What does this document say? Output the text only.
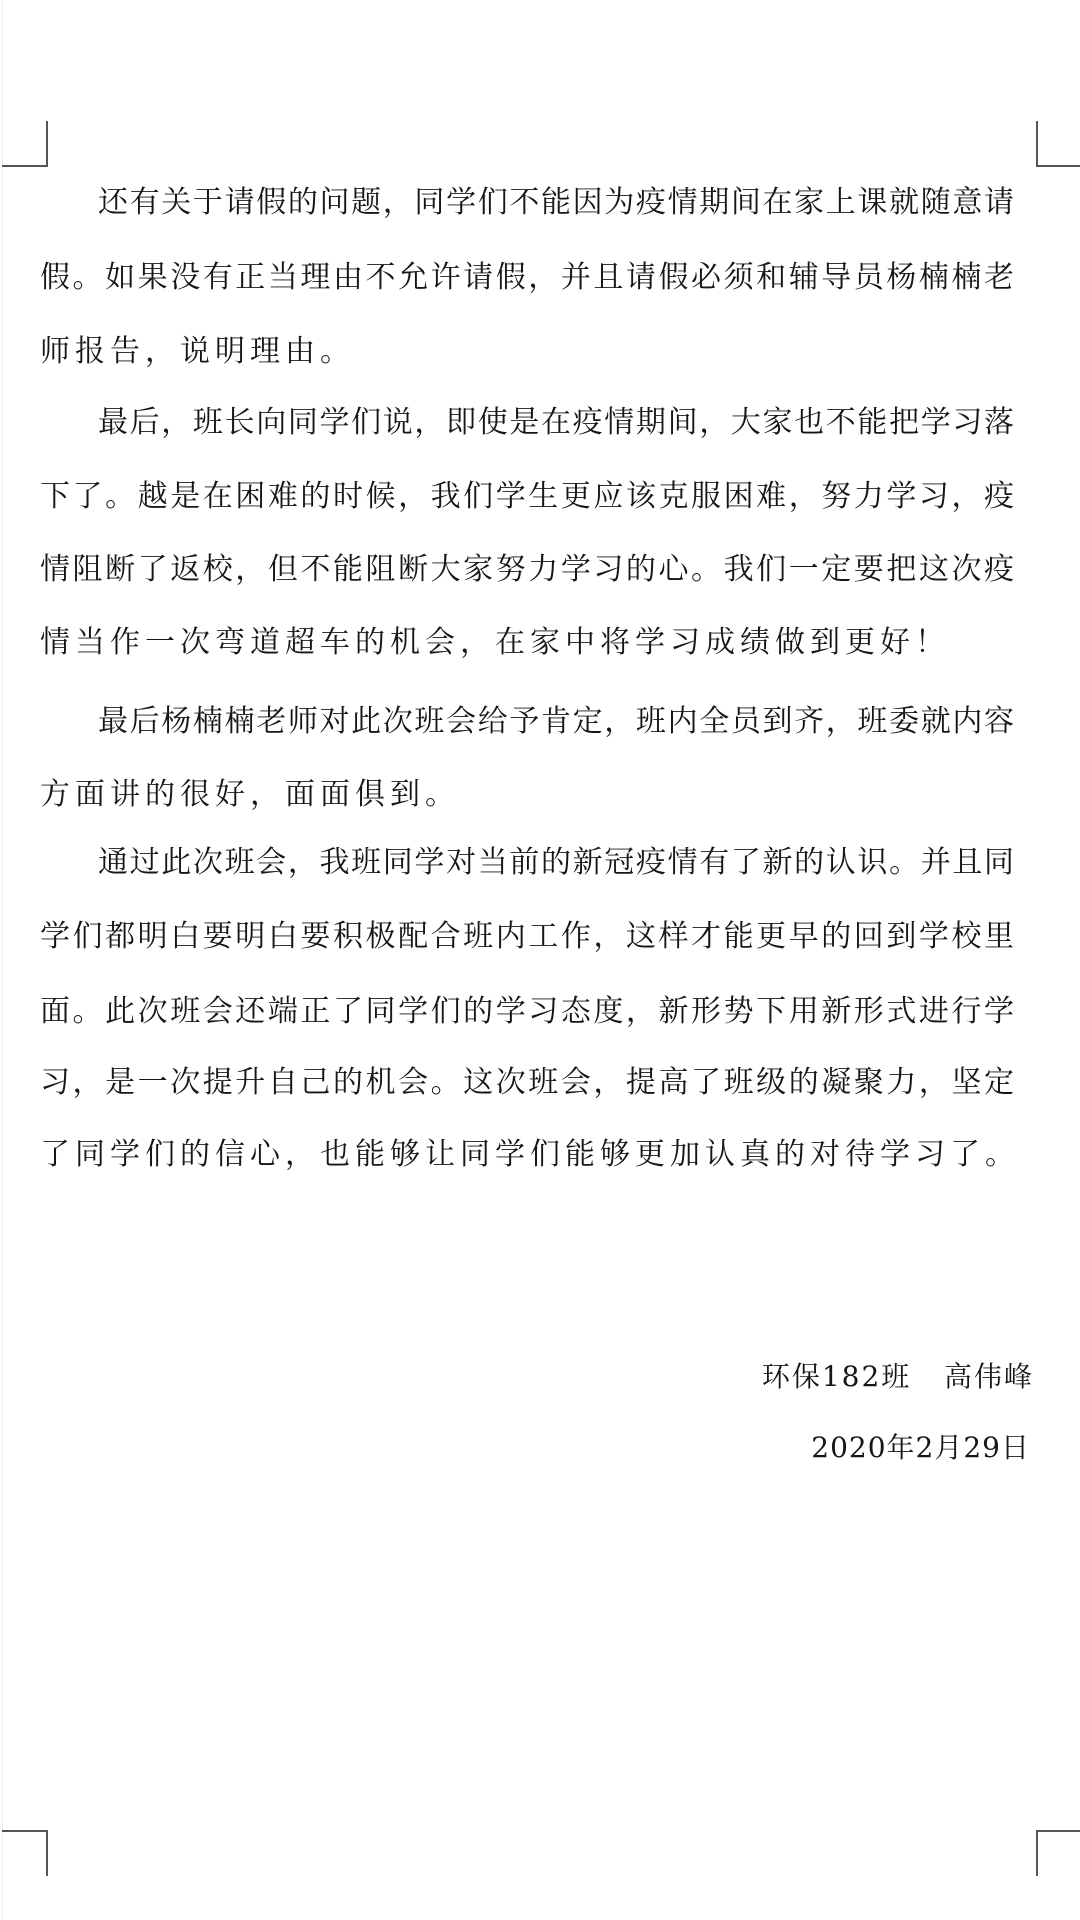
还有关于请假的问题，同学们不能因为疫情期间在家上课就随意请
假。如果没有正当理由不允许请假，并且请假必须和辅导员杨楠楠老
师报告，说明理由。
最后，班长向同学们说，即使是在疫情期间，大家也不能把学习落
下了。越是在困难的时候，我们学生更应该克服困难，努力学习，疫
情阻断了返校，但不能阻断大家努力学习的心。我们一定要把这次疫
情当作一次弯道超车的机会，在家中将学习成绩做到更好！
最后杨楠楠老师对此次班会给予肯定，班内全员到齐，班委就内容
方面讲的很好，面面俱到。
通过此次班会，我班同学对当前的新冠疫情有了新的认识。并且同
学们都明白要明白要积极配合班内工作，这样才能更早的回到学校里
面。此次班会还端正了同学们的学习态度，新形势下用新形式进行学
习，是一次提升自己的机会。这次班会，提高了班级的凝聚力，坚定
了同学们的信心，也能够让同学们能够更加认真的对待学习了。
环保182班 高伟峰
2020年2月29日
